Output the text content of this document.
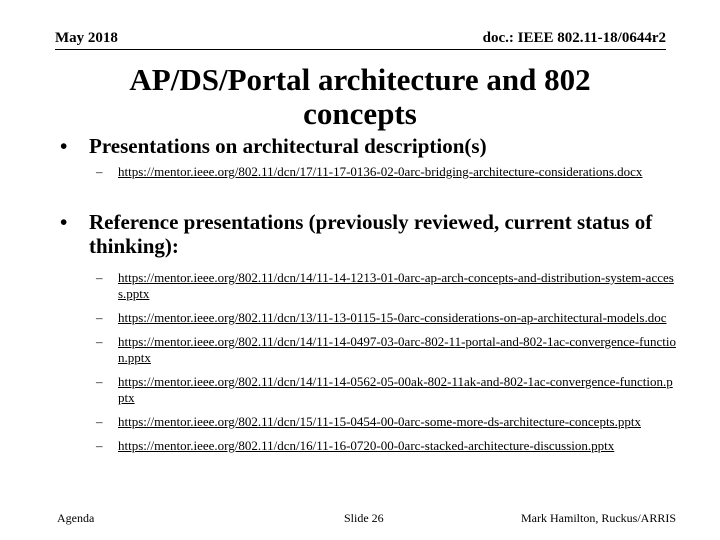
May 2018	doc.: IEEE 802.11-18/0644r2
AP/DS/Portal architecture and 802 concepts
• Presentations on architectural description(s)
– https://mentor.ieee.org/802.11/dcn/17/11-17-0136-02-0arc-bridging-architecture-considerations.docx
• Reference presentations (previously reviewed, current status of thinking):
– https://mentor.ieee.org/802.11/dcn/14/11-14-1213-01-0arc-ap-arch-concepts-and-distribution-system-access.pptx
– https://mentor.ieee.org/802.11/dcn/13/11-13-0115-15-0arc-considerations-on-ap-architectural-models.doc
– https://mentor.ieee.org/802.11/dcn/14/11-14-0497-03-0arc-802-11-portal-and-802-1ac-convergence-function.pptx
– https://mentor.ieee.org/802.11/dcn/14/11-14-0562-05-00ak-802-11ak-and-802-1ac-convergence-function.pptx
– https://mentor.ieee.org/802.11/dcn/15/11-15-0454-00-0arc-some-more-ds-architecture-concepts.pptx
– https://mentor.ieee.org/802.11/dcn/16/11-16-0720-00-0arc-stacked-architecture-discussion.pptx
Agenda	Slide 26	Mark Hamilton, Ruckus/ARRIS
